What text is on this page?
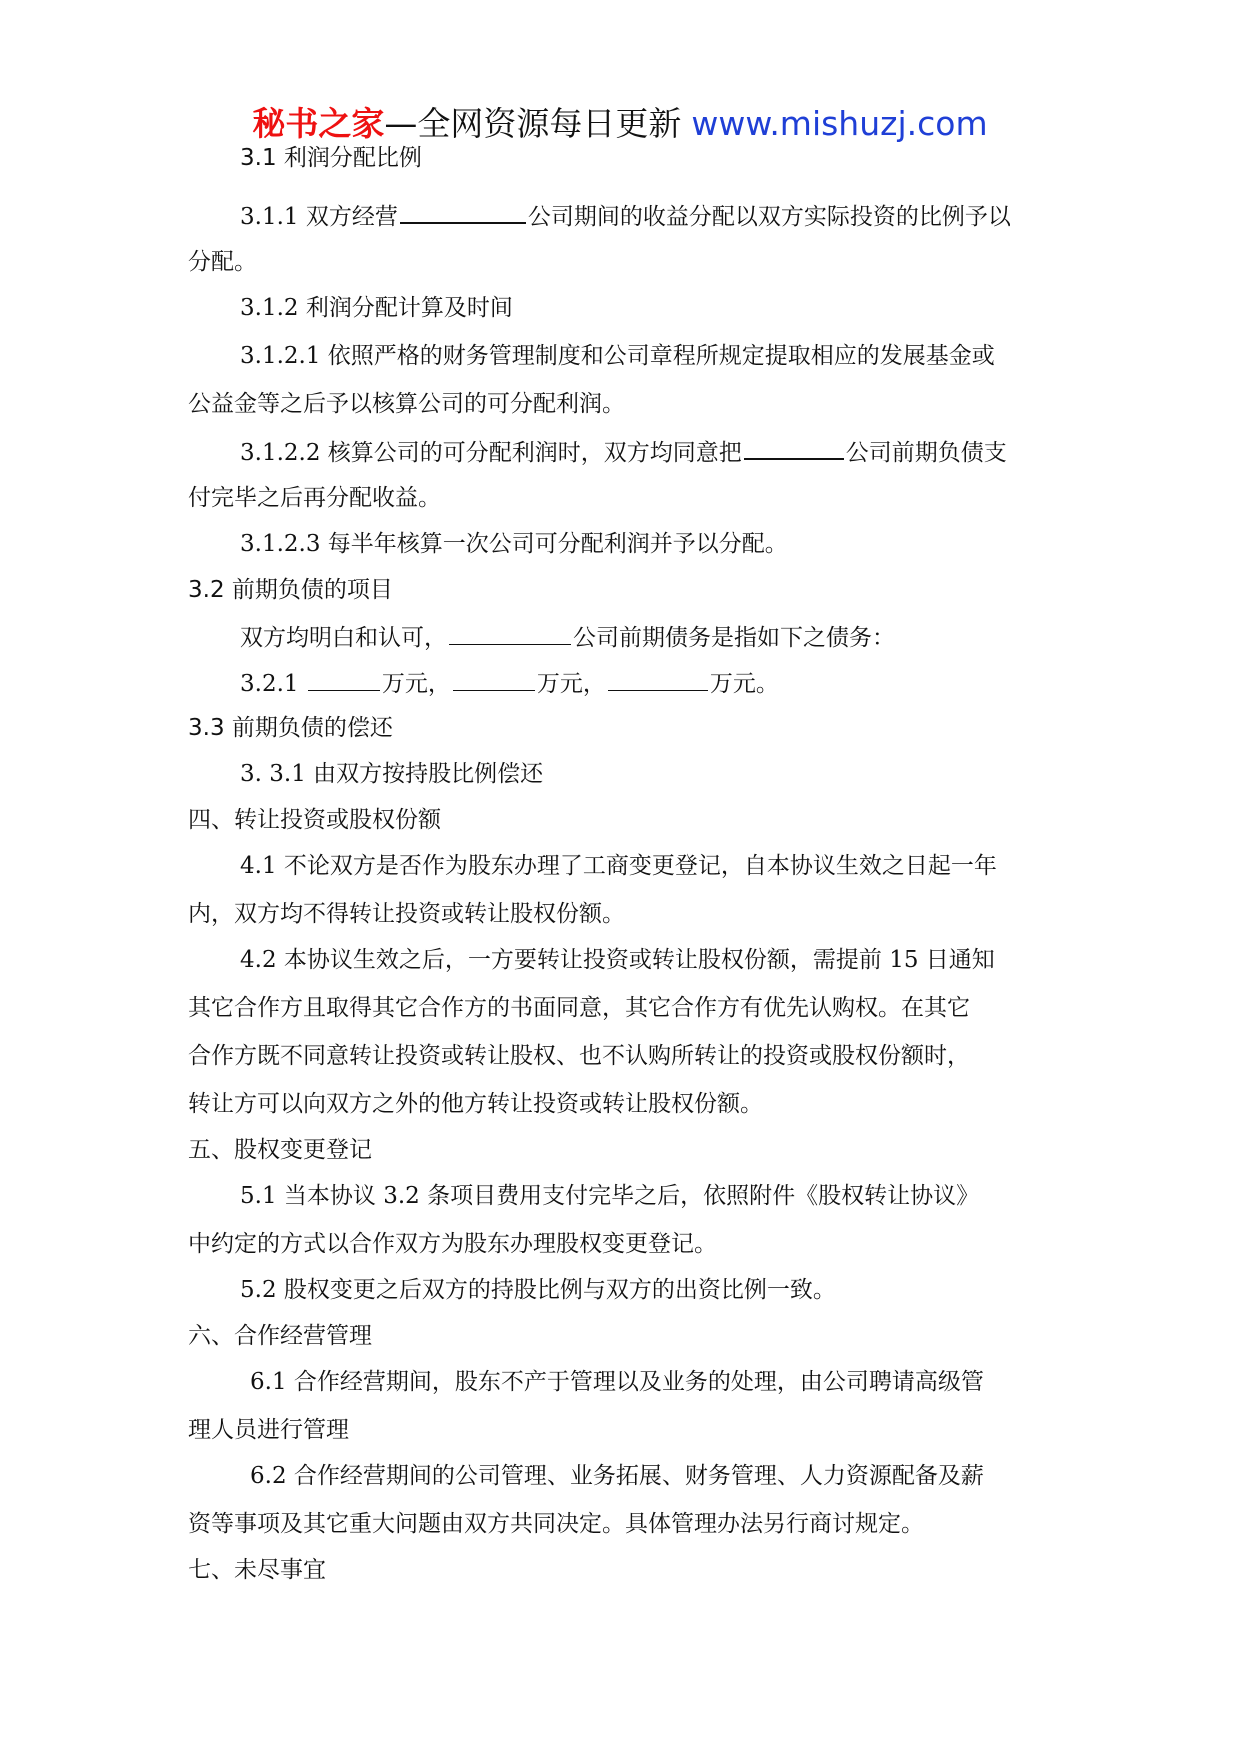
秘书之家—全网资源每日更新 www.mishuzj.com
3.1 利润分配比例
3.1.1 双方经营	公司期间的收益分配以双方实际投资的比例予以
分配。
3.1.2 利润分配计算及时间
3.1.2.1 依照严格的财务管理制度和公司章程所规定提取相应的发展基金或
公益金等之后予以核算公司的可分配利润。
3.1.2.2 核算公司的可分配利润时，双方均同意把	公司前期负债支
付完毕之后再分配收益。
3.1.2.3 每半年核算一次公司可分配利润并予以分配。
3.2 前期负债的项目
双方均明白和认可，	公司前期债务是指如下之债务：
3.2.1	万元，	万元，	万元。
3.3 前期负债的偿还
3. 3.1 由双方按持股比例偿还
四、转让投资或股权份额
4.1 不论双方是否作为股东办理了工商变更登记，自本协议生效之日起一年
内，双方均不得转让投资或转让股权份额。
4.2 本协议生效之后，一方要转让投资或转让股权份额，需提前 15 日通知
其它合作方且取得其它合作方的书面同意，其它合作方有优先认购权。在其它
合作方既不同意转让投资或转让股权、也不认购所转让的投资或股权份额时，
转让方可以向双方之外的他方转让投资或转让股权份额。
五、股权变更登记
5.1 当本协议 3.2 条项目费用支付完毕之后，依照附件《股权转让协议》
中约定的方式以合作双方为股东办理股权变更登记。
5.2 股权变更之后双方的持股比例与双方的出资比例一致。
六、合作经营管理
6.1 合作经营期间，股东不产于管理以及业务的处理，由公司聘请高级管
理人员进行管理
6.2 合作经营期间的公司管理、业务拓展、财务管理、人力资源配备及薪
资等事项及其它重大问题由双方共同决定。具体管理办法另行商讨规定。
七、未尽事宜
